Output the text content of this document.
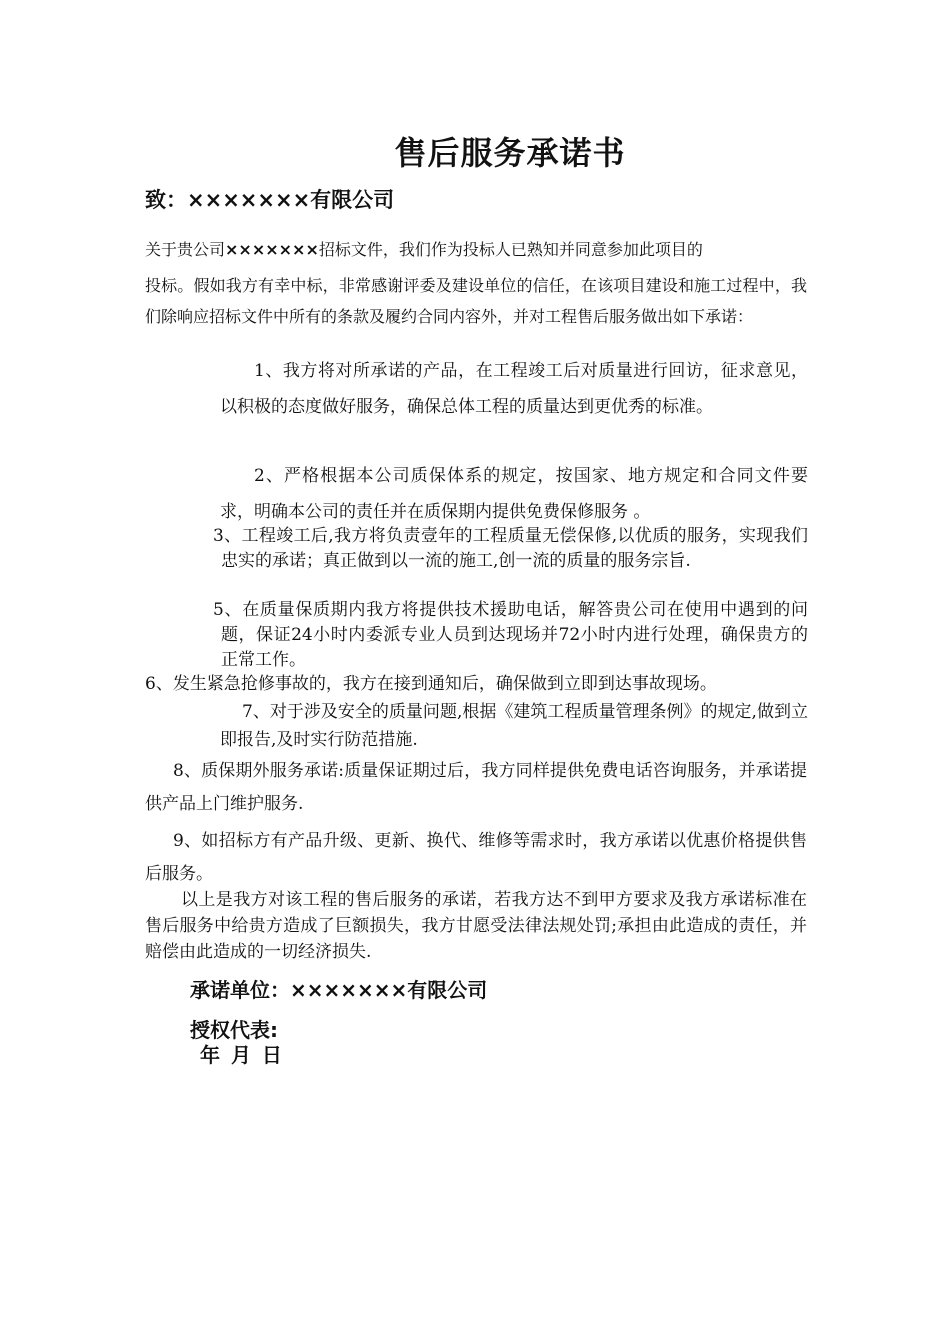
售后服务承诺书
致：×××××××有限公司
关于贵公司×××××××招标文件，我们作为投标人已熟知并同意参加此项目的
投标。假如我方有幸中标，非常感谢评委及建设单位的信任，在该项目建设和施工过程中，我们除响应招标文件中所有的条款及履约合同内容外，并对工程售后服务做出如下承诺：
1、我方将对所承诺的产品，在工程竣工后对质量进行回访，征求意见，以积极的态度做好服务，确保总体工程的质量达到更优秀的标准。
2、严格根据本公司质保体系的规定，按国家、地方规定和合同文件要求，明确本公司的责任并在质保期内提供免费保修服务 。
3、工程竣工后,我方将负责壹年的工程质量无偿保修,以优质的服务，实现我们忠实的承诺；真正做到以一流的施工,创一流的质量的服务宗旨.
5、在质量保质期内我方将提供技术援助电话，解答贵公司在使用中遇到的问题，保证24小时内委派专业人员到达现场并72小时内进行处理，确保贵方的正常工作。
6、发生紧急抢修事故的，我方在接到通知后，确保做到立即到达事故现场。
7、对于涉及安全的质量问题,根据《建筑工程质量管理条例》的规定,做到立即报告,及时实行防范措施.
8、质保期外服务承诺:质量保证期过后，我方同样提供免费电话咨询服务，并承诺提供产品上门维护服务.
9、如招标方有产品升级、更新、换代、维修等需求时，我方承诺以优惠价格提供售后服务。
以上是我方对该工程的售后服务的承诺，若我方达不到甲方要求及我方承诺标准在售后服务中给贵方造成了巨额损失，我方甘愿受法律法规处罚;承担由此造成的责任，并赔偿由此造成的一切经济损失.
承诺单位：×××××××有限公司
授权代表:
年 月 日
